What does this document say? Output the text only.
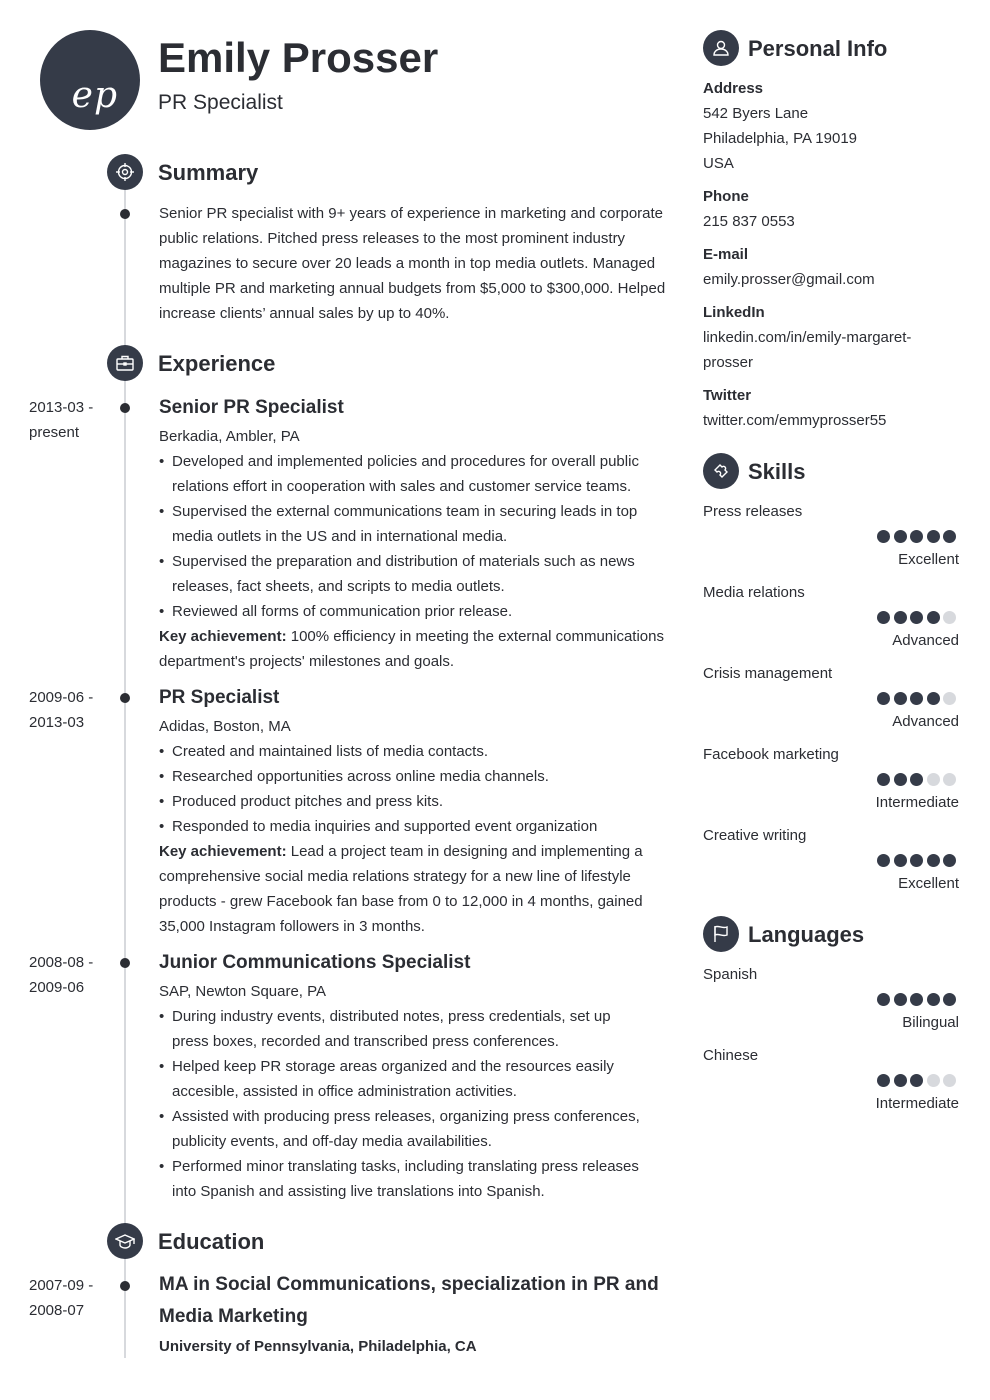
ep
Emily Prosser
PR Specialist
Summary
Senior PR specialist with 9+ years of experience in marketing and corporate public relations. Pitched press releases to the most prominent industry magazines to secure over 20 leads a month in top media outlets. Managed multiple PR and marketing annual budgets from $5,000 to $300,000. Helped increase clients’ annual sales by up to 40%.
Experience
2013-03 - present
Senior PR Specialist
Berkadia, Ambler, PA
• Developed and implemented policies and procedures for overall public relations effort in cooperation with sales and customer service teams.
• Supervised the external communications team in securing leads in top media outlets in the US and in international media.
• Supervised the preparation and distribution of materials such as news releases, fact sheets, and scripts to media outlets.
• Reviewed all forms of communication prior release.
Key achievement: 100% efficiency in meeting the external communications department's projects' milestones and goals.
2009-06 - 2013-03
PR Specialist
Adidas, Boston, MA
• Created and maintained lists of media contacts.
• Researched opportunities across online media channels.
• Produced product pitches and press kits.
• Responded to media inquiries and supported event organization
Key achievement: Lead a project team in designing and implementing a comprehensive social media relations strategy for a new line of lifestyle products - grew Facebook fan base from 0 to 12,000 in 4 months, gained 35,000 Instagram followers in 3 months.
2008-08 - 2009-06
Junior Communications Specialist
SAP, Newton Square, PA
• During industry events, distributed notes, press credentials, set up press boxes, recorded and transcribed press conferences.
• Helped keep PR storage areas organized and the resources easily accesible, assisted in office administration activities.
• Assisted with producing press releases, organizing press conferences, publicity events, and off-day media availabilities.
• Performed minor translating tasks, including translating press releases into Spanish and assisting live translations into Spanish.
Education
2007-09 - 2008-07
MA in Social Communications, specialization in PR and Media Marketing
University of Pennsylvania, Philadelphia, CA
Personal Info
Address
542 Byers Lane
Philadelphia, PA 19019
USA
Phone
215 837 0553
E-mail
emily.prosser@gmail.com
LinkedIn
linkedin.com/in/emily-margaret-prosser
Twitter
twitter.com/emmyprosser55
Skills
Press releases
Excellent
Media relations
Advanced
Crisis management
Advanced
Facebook marketing
Intermediate
Creative writing
Excellent
Languages
Spanish
Bilingual
Chinese
Intermediate
